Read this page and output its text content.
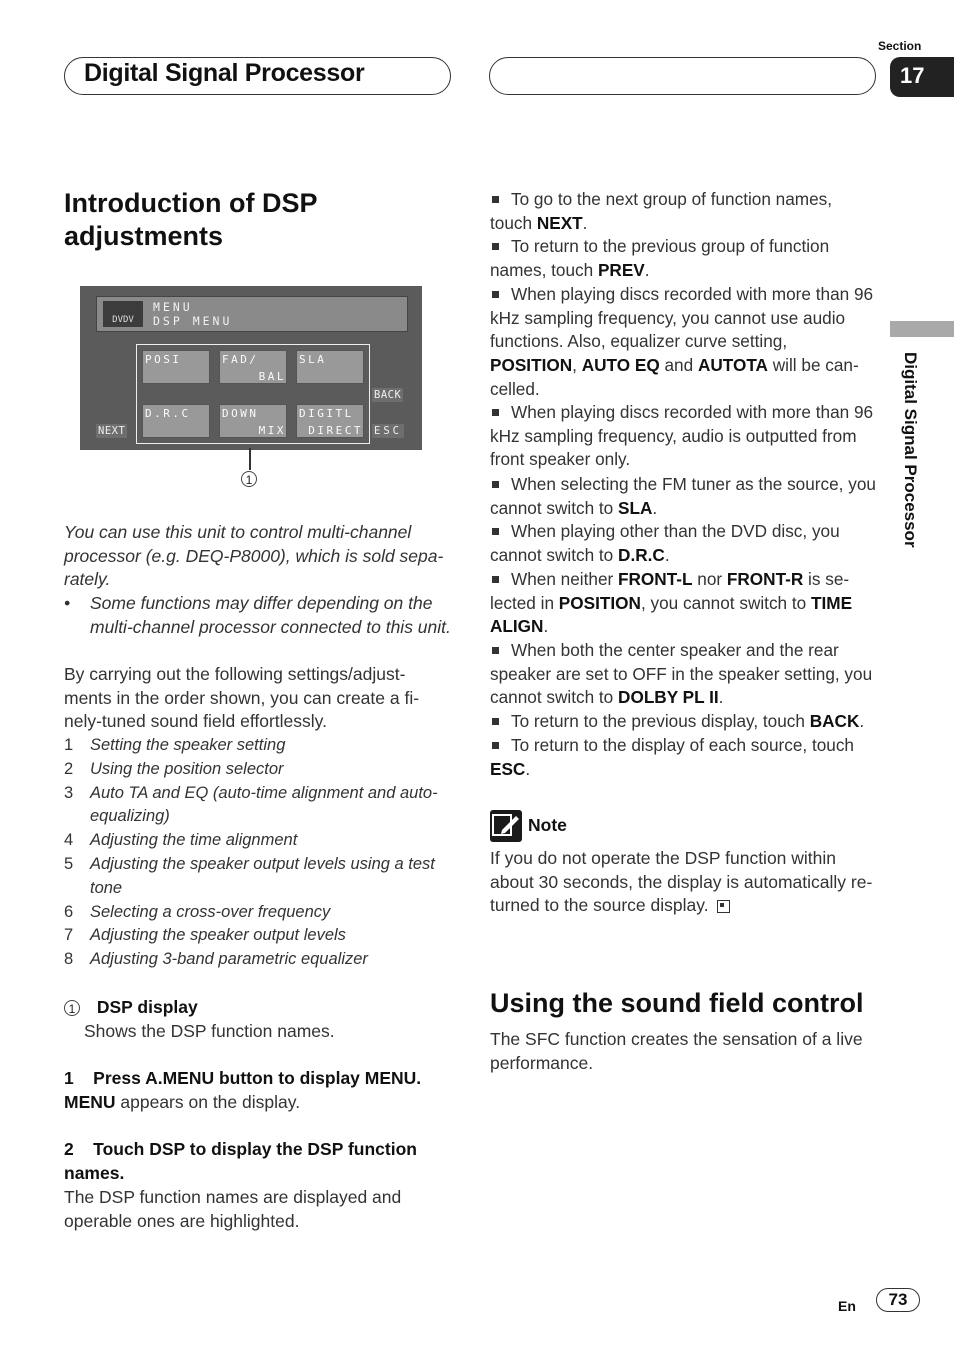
Digital Signal Processor
Section
17
Digital Signal Processor
Introduction of DSP
adjustments
DVDV
MENU
DSP MENU
POSI	FAD/
BAL
SLA
D.R.C	DOWN
MIX
DIGITL
DIRECT
BACK
NEXT	ESC
1
You can use this unit to control multi-channel processor (e.g. DEQ-P8000), which is sold sepa-rately.
•	Some functions may differ depending on the multi-channel processor connected to this unit.
By carrying out the following settings/adjust-ments in the order shown, you can create a fi-nely-tuned sound field effortlessly.
1 Setting the speaker setting
2 Using the position selector
3 Auto TA and EQ (auto-time alignment and auto-equalizing)
4 Adjusting the time alignment
5 Adjusting the speaker output levels using a test tone
6 Selecting a cross-over frequency
7 Adjusting the speaker output levels
8 Adjusting 3-band parametric equalizer
1 DSP display
Shows the DSP function names.
1    Press A.MENU button to display MENU.
MENU appears on the display.
2    Touch DSP to display the DSP function names.
The DSP function names are displayed and operable ones are highlighted.
To go to the next group of function names, touch NEXT.
To return to the previous group of function names, touch PREV.
When playing discs recorded with more than 96 kHz sampling frequency, you cannot use audio functions. Also, equalizer curve setting, POSITION, AUTO EQ and AUTOTA will be can-celled.
When playing discs recorded with more than 96 kHz sampling frequency, audio is outputted from front speaker only.
When selecting the FM tuner as the source, you cannot switch to SLA.
When playing other than the DVD disc, you cannot switch to D.R.C.
When neither FRONT-L nor FRONT-R is se-lected in POSITION, you cannot switch to TIME ALIGN.
When both the center speaker and the rear speaker are set to OFF in the speaker setting, you cannot switch to DOLBY PL II.
To return to the previous display, touch BACK.
To return to the display of each source, touch ESC.
Note
If you do not operate the DSP function within about 30 seconds, the display is automatically re-turned to the source display.
Using the sound field control
The SFC function creates the sensation of a live performance.
En	73
